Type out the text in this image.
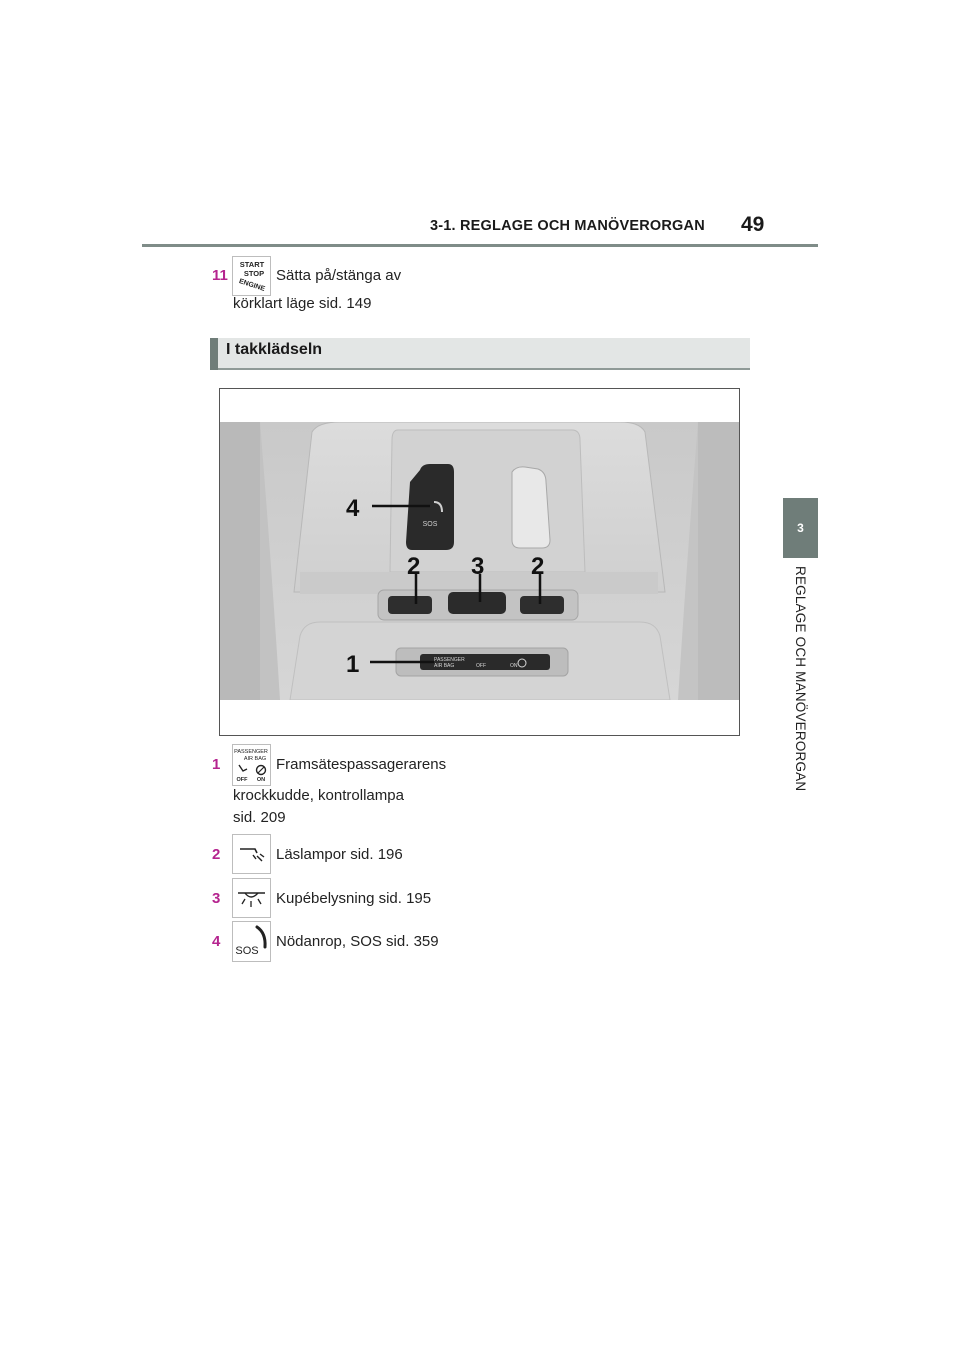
3-1. REGLAGE OCH MANÖVERORGAN 49
3
REGLAGE OCH MANÖVERORGAN
11
START
STOP
ENGINE
Sätta på/stänga av
körklart läge sid. 149
I takklädseln
SOS
PASSENGER
AIR BAG	OFF	ON
4
2 3 2
1
1
PASSENGER
AIR BAG
OFF ON
Framsätespassagerarens
krockkudde, kontrollampa
sid. 209
2	Läslampor sid. 196
3	Kupébelysning sid. 195
4
SOS
Nödanrop, SOS sid. 359
